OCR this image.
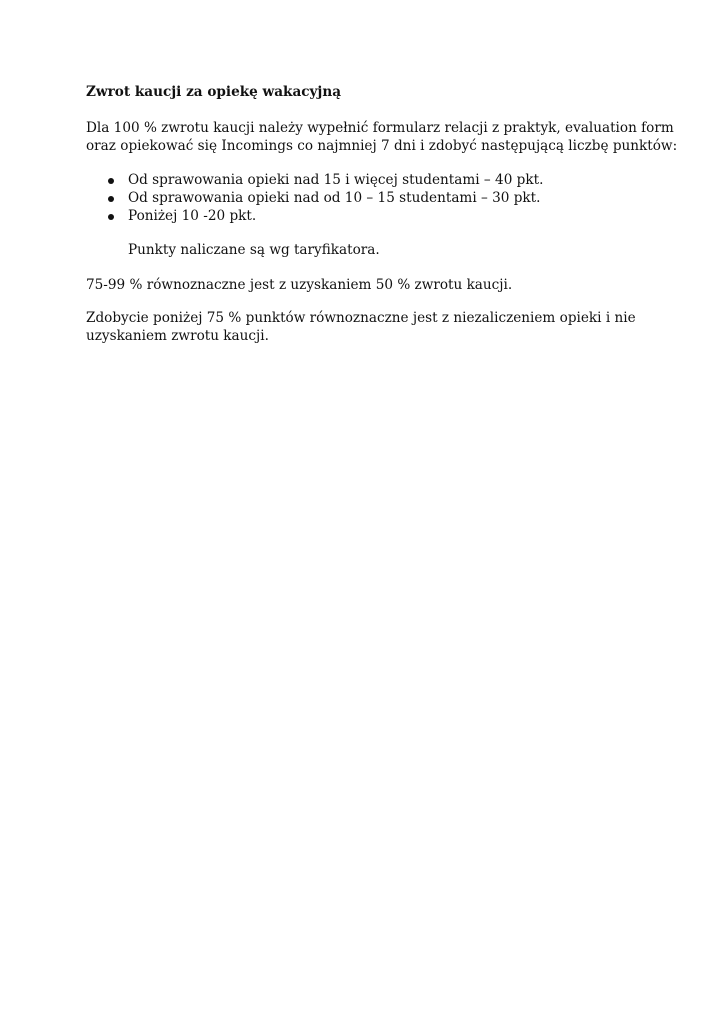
Zwrot kaucji za opiekę wakacyjną

Dla 100 % zwrotu kaucji należy wypełnić formularz relacji z praktyk, evaluation form
oraz opiekować się Incomings co najmniej 7 dni i zdobyć następującą liczbę punktów:

Od sprawowania opieki nad 15 i więcej studentami – 40 pkt.
Od sprawowania opieki nad od 10 – 15 studentami – 30 pkt.
Poniżej 10 -20 pkt.

Punkty naliczane są wg taryfikatora.

75-99 % równoznaczne jest z uzyskaniem 50 % zwrotu kaucji.

Zdobycie poniżej 75 % punktów równoznaczne jest z niezaliczeniem opieki i nie
uzyskaniem zwrotu kaucji.
